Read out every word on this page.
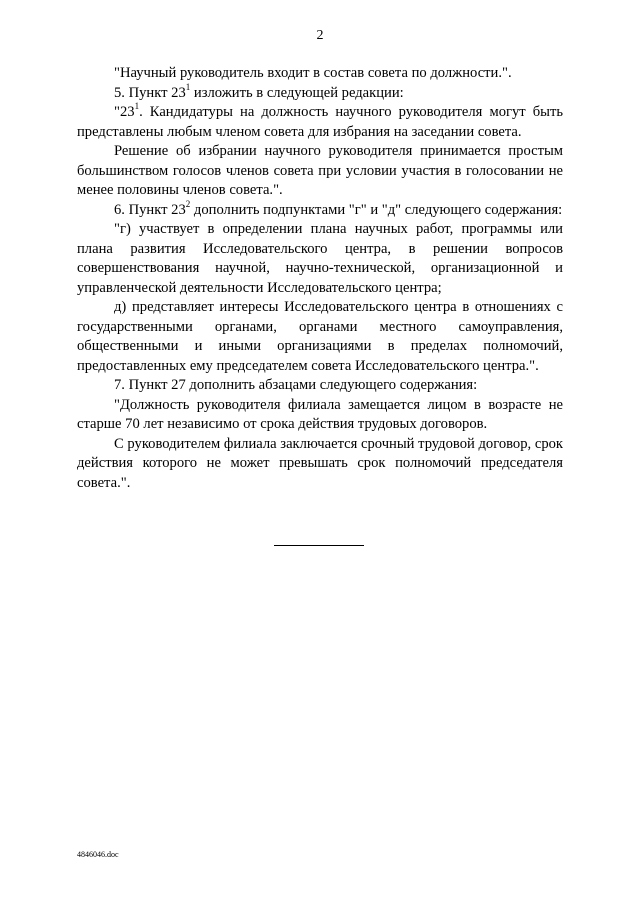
2

"Научный руководитель входит в состав совета по должности.".

5. Пункт $23^1$ изложить в следующей редакции:

"$23^1$. Кандидатуры на должность научного руководителя могут быть представлены любым членом совета для избрания на заседании совета.

Решение об избрании научного руководителя принимается простым большинством голосов членов совета при условии участия в голосовании не менее половины членов совета.".

6. Пункт $23^2$ дополнить подпунктами "г" и "д" следующего содержания:

"г) участвует в определении плана научных работ, программы или плана развития Исследовательского центра, в решении вопросов совершенствования научной, научно-технической, организационной и управленческой деятельности Исследовательского центра;

д) представляет интересы Исследовательского центра в отношениях с государственными органами, органами местного самоуправления, общественными и иными организациями в пределах полномочий, предоставленных ему председателем совета Исследовательского центра.".

7. Пункт 27 дополнить абзацами следующего содержания:

"Должность руководителя филиала замещается лицом в возрасте не старше 70 лет независимо от срока действия трудовых договоров.

С руководителем филиала заключается срочный трудовой договор, срок действия которого не может превышать срок полномочий председателя совета.".

4846046.doc
